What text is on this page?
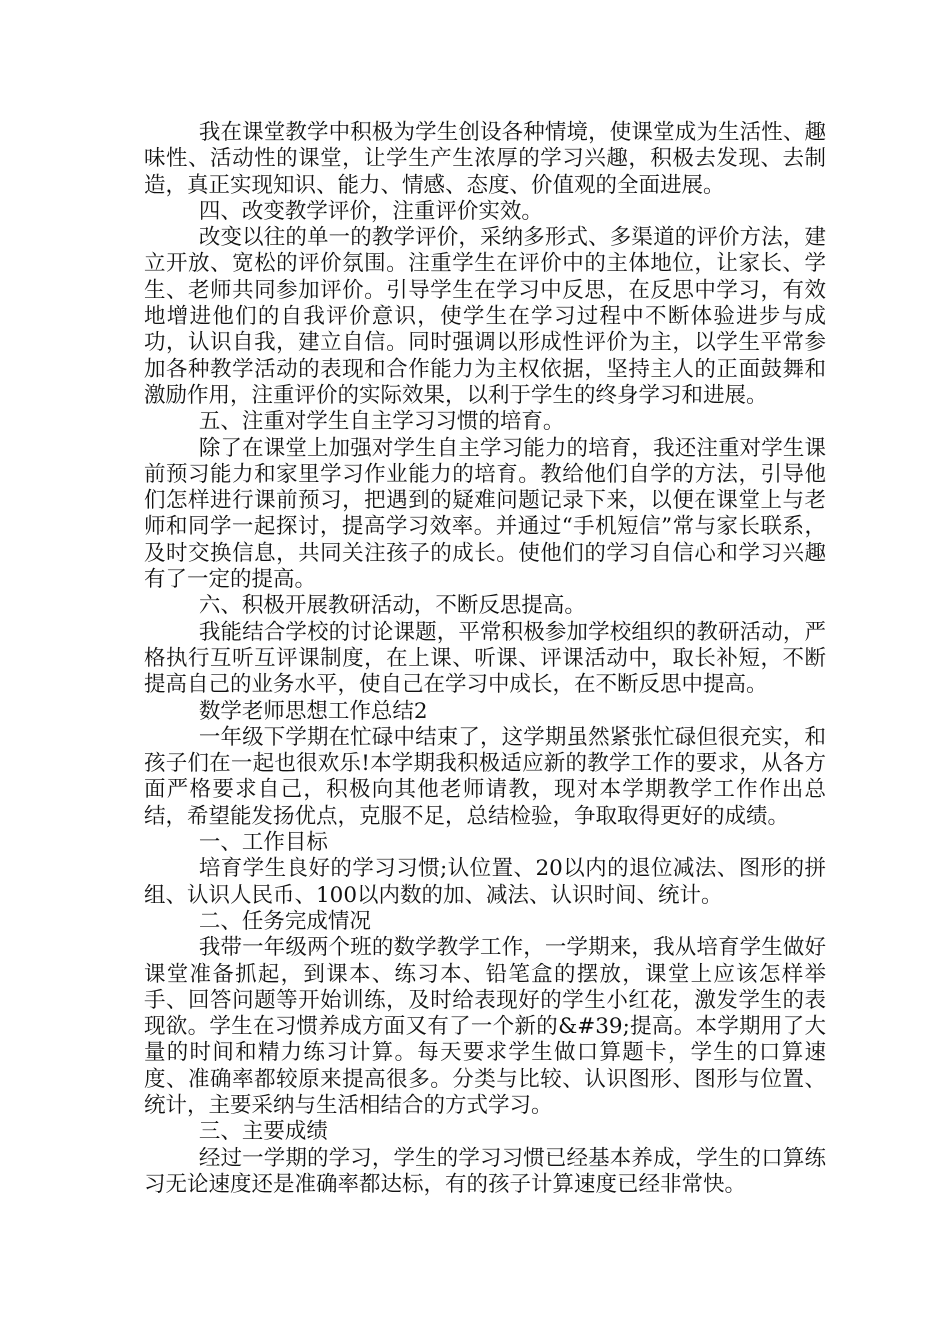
我在课堂教学中积极为学生创设各种情境，使课堂成为生活性、趣味性、活动性的课堂，让学生产生浓厚的学习兴趣，积极去发现、去制造，真正实现知识、能力、情感、态度、价值观的全面进展。

四、改变教学评价，注重评价实效。

改变以往的单一的教学评价，采纳多形式、多渠道的评价方法，建立开放、宽松的评价氛围。注重学生在评价中的主体地位，让家长、学生、老师共同参加评价。引导学生在学习中反思，在反思中学习，有效地增进他们的自我评价意识，使学生在学习过程中不断体验进步与成功，认识自我，建立自信。同时强调以形成性评价为主，以学生平常参加各种教学活动的表现和合作能力为主权依据，坚持主人的正面鼓舞和激励作用，注重评价的实际效果，以利于学生的终身学习和进展。

五、注重对学生自主学习习惯的培育。

除了在课堂上加强对学生自主学习能力的培育，我还注重对学生课前预习能力和家里学习作业能力的培育。教给他们自学的方法，引导他们怎样进行课前预习，把遇到的疑难问题记录下来，以便在课堂上与老师和同学一起探讨，提高学习效率。并通过“手机短信”常与家长联系，及时交换信息，共同关注孩子的成长。使他们的学习自信心和学习兴趣有了一定的提高。

六、积极开展教研活动，不断反思提高。

我能结合学校的讨论课题，平常积极参加学校组织的教研活动，严格执行互听互评课制度，在上课、听课、评课活动中，取长补短，不断提高自己的业务水平，使自己在学习中成长，在不断反思中提高。

数学老师思想工作总结2

一年级下学期在忙碌中结束了，这学期虽然紧张忙碌但很充实，和孩子们在一起也很欢乐!本学期我积极适应新的教学工作的要求，从各方面严格要求自己，积极向其他老师请教，现对本学期教学工作作出总结，希望能发扬优点，克服不足，总结检验，争取取得更好的成绩。

一、工作目标

培育学生良好的学习习惯;认位置、20以内的退位减法、图形的拼组、认识人民币、100以内数的加、减法、认识时间、统计。

二、任务完成情况

我带一年级两个班的数学教学工作，一学期来，我从培育学生做好课堂准备抓起，到课本、练习本、铅笔盒的摆放，课堂上应该怎样举手、回答问题等开始训练，及时给表现好的学生小红花，激发学生的表现欲。学生在习惯养成方面又有了一个新的&#39;提高。本学期用了大量的时间和精力练习计算。每天要求学生做口算题卡，学生的口算速度、准确率都较原来提高很多。分类与比较、认识图形、图形与位置、统计，主要采纳与生活相结合的方式学习。

三、主要成绩

经过一学期的学习，学生的学习习惯已经基本养成，学生的口算练习无论速度还是准确率都达标，有的孩子计算速度已经非常快。
